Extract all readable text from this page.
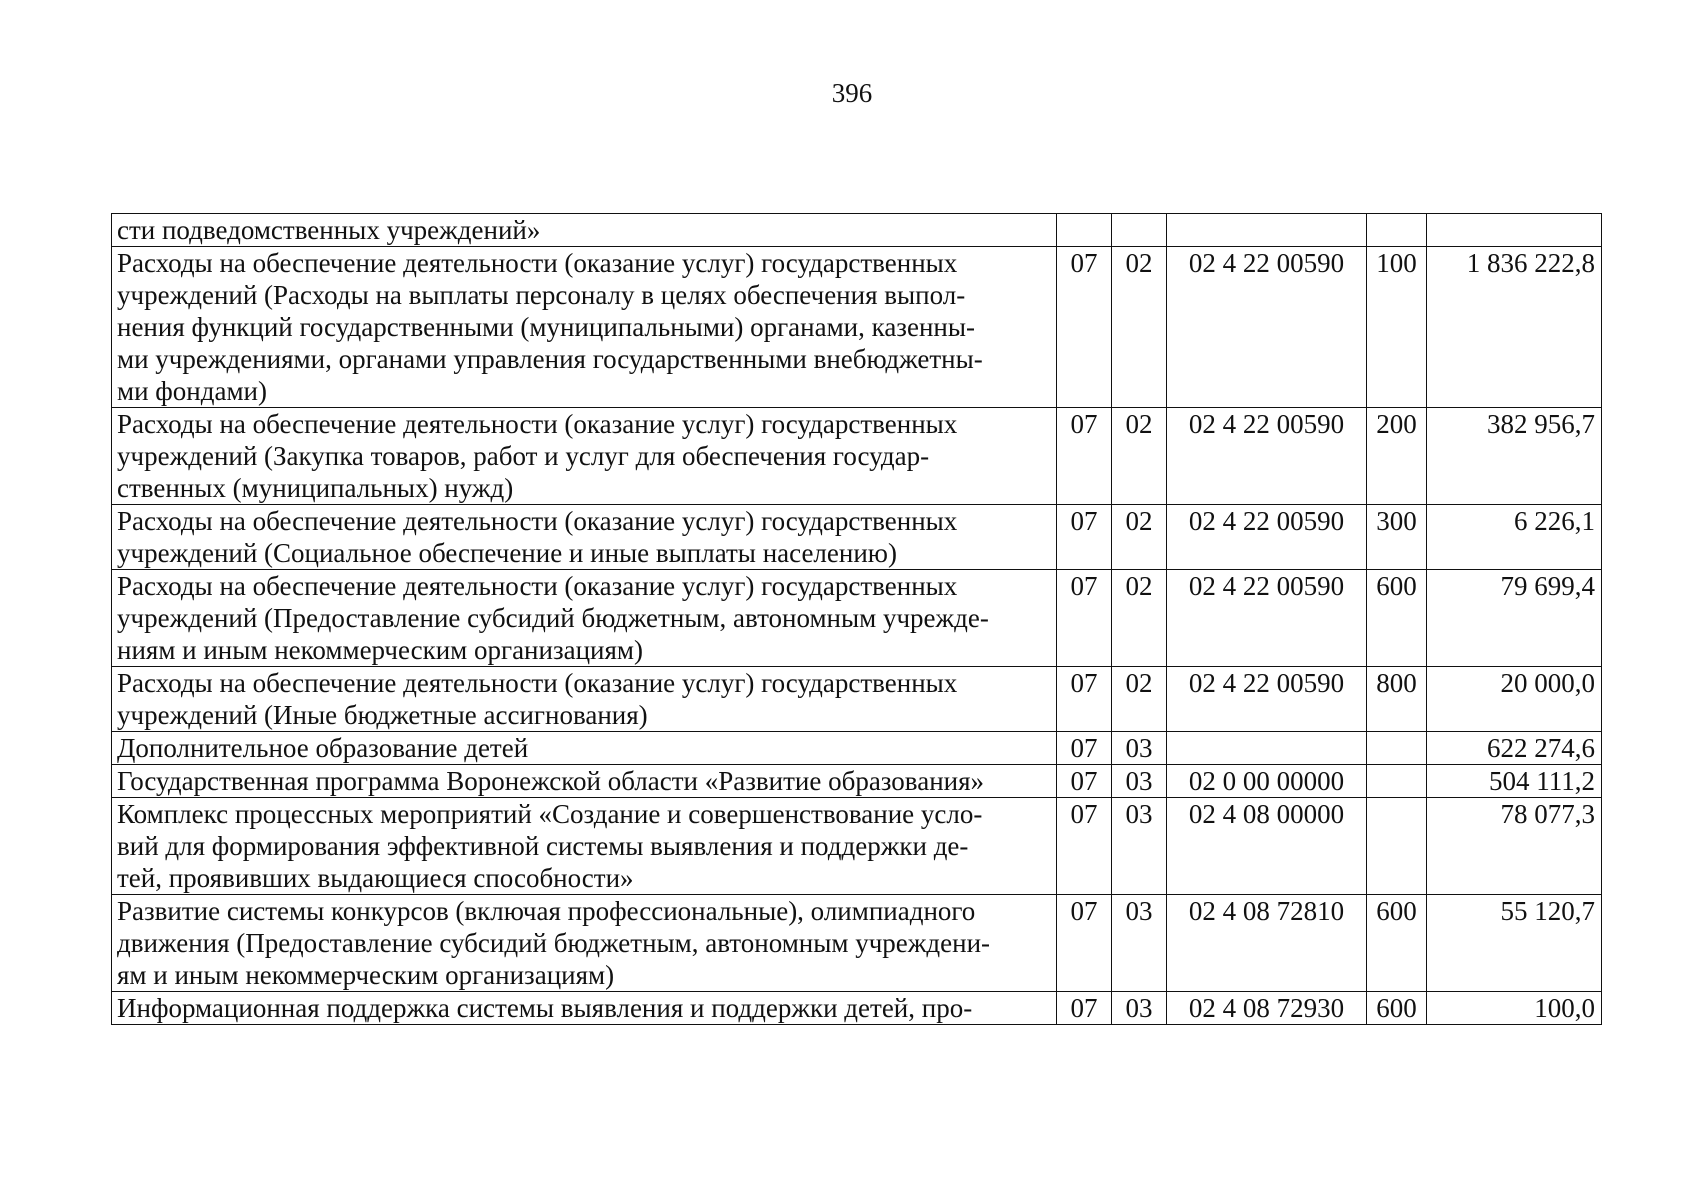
396
сти подведомственных учреждений»					

Расходы на обеспечение деятельности (оказание услуг) государственных
учреждений (Расходы на выплаты персоналу в целях обеспечения выпол-
нения функций государственными (муниципальными) органами, казенны-
ми учреждениями, органами управления государственными внебюджетны-
ми фондами)	07	02	02 4 22 00590	100	1 836 222,8

Расходы на обеспечение деятельности (оказание услуг) государственных
учреждений (Закупка товаров, работ и услуг для обеспечения государ-
ственных (муниципальных) нужд)	07	02	02 4 22 00590	200	382 956,7

Расходы на обеспечение деятельности (оказание услуг) государственных
учреждений (Социальное обеспечение и иные выплаты населению)	07	02	02 4 22 00590	300	6 226,1

Расходы на обеспечение деятельности (оказание услуг) государственных
учреждений (Предоставление субсидий бюджетным, автономным учрежде-
ниям и иным некоммерческим организациям)	07	02	02 4 22 00590	600	79 699,4

Расходы на обеспечение деятельности (оказание услуг) государственных
учреждений (Иные бюджетные ассигнования)	07	02	02 4 22 00590	800	20 000,0

Дополнительное образование детей	07	03			622 274,6

Государственная программа Воронежской области «Развитие образования»	07	03	02 0 00 00000		504 111,2

Комплекс процессных мероприятий «Создание и совершенствование усло-
вий для формирования эффективной системы выявления и поддержки де-
тей, проявивших выдающиеся способности»	07	03	02 4 08 00000		78 077,3

Развитие системы конкурсов (включая профессиональные), олимпиадного
движения (Предоставление субсидий бюджетным, автономным учреждени-
ям и иным некоммерческим организациям)	07	03	02 4 08 72810	600	55 120,7

Информационная поддержка системы выявления и поддержки детей, про-	07	03	02 4 08 72930	600	100,0
